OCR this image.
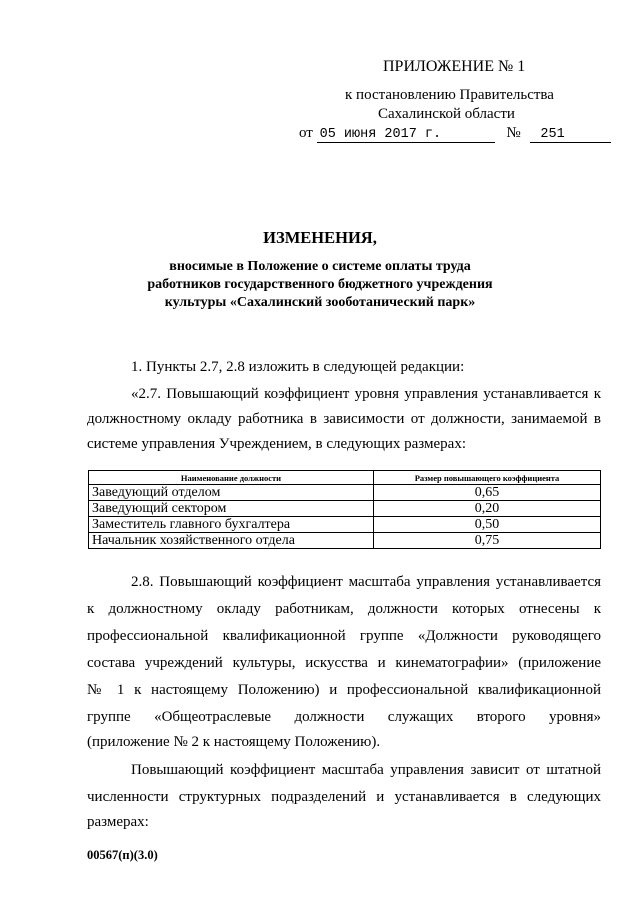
ПРИЛОЖЕНИЕ № 1
к постановлению Правительства
Сахалинской области
от 05 июня 2017 г.	№ 251
ИЗМЕНЕНИЯ,
вносимые в Положение о системе оплаты труда
работников государственного бюджетного учреждения
культуры «Сахалинский зооботанический парк»
1. Пункты 2.7, 2.8 изложить в следующей редакции:
«2.7. Повышающий коэффициент уровня управления устанавливается к
должностному окладу работника в зависимости от должности, занимаемой в
системе управления Учреждением, в следующих размерах:
Наименование должности	Размер повышающего коэффициента
Заведующий отделом	0,65
Заведующий сектором	0,20
Заместитель главного бухгалтера	0,50
Начальник хозяйственного отдела	0,75
2.8. Повышающий коэффициент масштаба управления устанавливается
к должностному окладу работникам, должности которых отнесены к
профессиональной квалификационной группе «Должности руководящего
состава учреждений культуры, искусства и кинематографии» (приложение
№ 1 к настоящему Положению) и профессиональной квалификационной
группе «Общеотраслевые должности служащих второго уровня»
(приложение № 2 к настоящему Положению).
Повышающий коэффициент масштаба управления зависит от штатной
численности структурных подразделений и устанавливается в следующих
размерах:
00567(п)(3.0)
